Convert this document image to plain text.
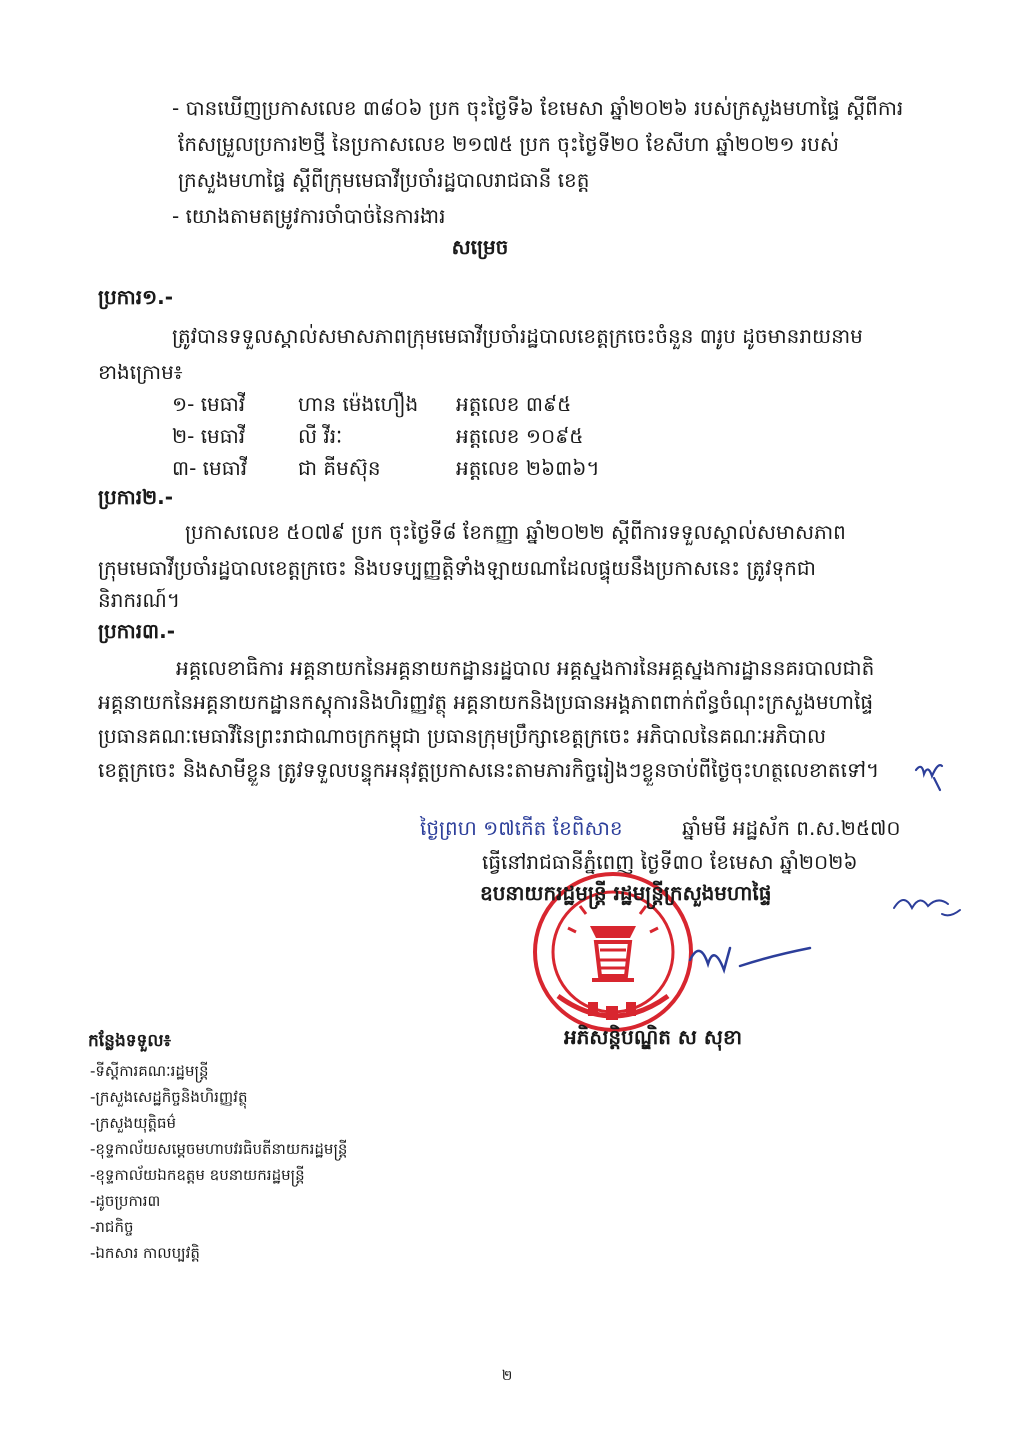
- បានឃើញប្រកាសលេខ ៣៨០៦ ប្រក ចុះថ្ងៃទី៦ ខែមេសា ឆ្នាំ២០២៦ របស់ក្រសួងមហាផ្ទៃ ស្តីពីការ
កែសម្រួលប្រការ២ថ្មី នៃប្រកាសលេខ ២១៧៥ ប្រក ចុះថ្ងៃទី២០ ខែសីហា ឆ្នាំ២០២១ របស់
ក្រសួងមហាផ្ទៃ ស្តីពីក្រុមមេធាវីប្រចាំរដ្ឋបាលរាជធានី ខេត្ត
- យោងតាមតម្រូវការចាំបាច់នៃការងារ
សម្រេច
ប្រការ១.-
ត្រូវបានទទួលស្គាល់សមាសភាពក្រុមមេធាវីប្រចាំរដ្ឋបាលខេត្តក្រចេះចំនួន ៣រូប ដូចមានរាយនាម
ខាងក្រោម៖
១- មេធាវី	ហាន ម៉េងហឿង អត្តលេខ ៣៩៥
២- មេធាវី	លី វីរៈ	អត្តលេខ ១០៩៥
៣- មេធាវី	ជា គីមស៊ុន	អត្តលេខ ២៦៣៦។
ប្រការ២.-
ប្រកាសលេខ ៥០៧៩ ប្រក ចុះថ្ងៃទី៨ ខែកញ្ញា ឆ្នាំ២០២២ ស្តីពីការទទួលស្គាល់សមាសភាព
ក្រុមមេធាវីប្រចាំរដ្ឋបាលខេត្តក្រចេះ និងបទប្បញ្ញត្តិទាំងឡាយណាដែលផ្ទុយនឹងប្រកាសនេះ ត្រូវទុកជា
និរាករណ៍។
ប្រការ៣.-
អគ្គលេខាធិការ អគ្គនាយកនៃអគ្គនាយកដ្ឋានរដ្ឋបាល អគ្គស្នងការនៃអគ្គស្នងការដ្ឋាននគរបាលជាតិ
អគ្គនាយកនៃអគ្គនាយកដ្ឋានកស្តុការនិងហិរញ្ញវត្ថុ អគ្គនាយកនិងប្រធានអង្គភាពពាក់ព័ន្ធចំណុះក្រសួងមហាផ្ទៃ
ប្រធានគណៈមេធាវីនៃព្រះរាជាណាចក្រកម្ពុជា ប្រធានក្រុមប្រឹក្សាខេត្តក្រចេះ អភិបាលនៃគណៈអភិបាល
ខេត្តក្រចេះ និងសាមីខ្លួន ត្រូវទទួលបន្ទុកអនុវត្តប្រកាសនេះតាមភារកិច្ចរៀងៗខ្លួនចាប់ពីថ្ងៃចុះហត្ថលេខាតទៅ។
ថ្ងៃព្រហ ១៧កើត ខែពិសាខ	ឆ្នាំមមី អដ្ឋស័ក ព.ស.២៥៧០
ធ្វើនៅរាជធានីភ្នំពេញ ថ្ងៃទី៣០ ខែមេសា ឆ្នាំ២០២៦
ឧបនាយករដ្ឋមន្ត្រី រដ្ឋមន្ត្រីក្រសួងមហាផ្ទៃ
អភិសន្តិបណ្ឌិត ស សុខា
កន្លែងទទួល៖
-ទីស្តីការគណៈរដ្ឋមន្ត្រី
-ក្រសួងសេដ្ឋកិច្ចនិងហិរញ្ញវត្ថុ
-ក្រសួងយុត្តិធម៌
-ខុទ្ទកាល័យសម្តេចមហាបវរធិបតីនាយករដ្ឋមន្ត្រី
-ខុទ្ទកាល័យឯកឧត្តម ឧបនាយករដ្ឋមន្ត្រី
-ដូចប្រការ៣
-រាជកិច្ច
-ឯកសារ កាលប្បវត្តិ
២
